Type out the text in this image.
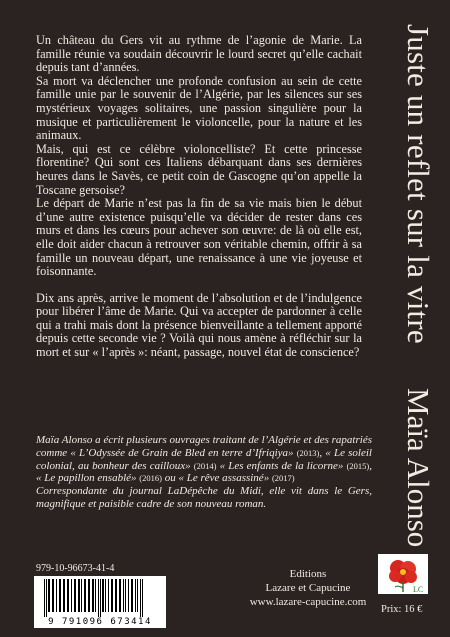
Un château du Gers vit au rythme de l’agonie de Marie. La famille réunie va soudain découvrir le lourd secret qu’elle cachait depuis tant d’années.

Sa mort va déclencher une profonde confusion au sein de cette famille unie par le souvenir de l’Algérie, par les silences sur ses mystérieux voyages solitaires, une passion singulière pour la musique et particulièrement le violoncelle, pour la nature et les animaux.

Mais, qui est ce célèbre violoncelliste? Et cette princesse florentine? Qui sont ces Italiens débarquant dans ses dernières heures dans le Savès, ce petit coin de Gascogne qu’on appelle la Toscane gersoise?

Le départ de Marie n’est pas la fin de sa vie mais bien le début d’une autre existence puisqu’elle va décider de rester dans ces murs et dans les cœurs pour achever son œuvre: de là où elle est, elle doit aider chacun à retrouver son véritable chemin, offrir à sa famille un nouveau départ, une renaissance à une vie joyeuse et foisonnante.

Dix ans après, arrive le moment de l’absolution et de l’indulgence pour libérer l’âme de Marie. Qui va accepter de pardonner à celle qui a trahi mais dont la présence bienveillante a tellement apporté depuis cette seconde vie ? Voilà qui nous amène à réfléchir sur la mort et sur « l’après »: néant, passage, nouvel état de conscience?

Juste un reflet sur la vitre
Maïa Alonso

Maïa Alonso a écrit plusieurs ouvrages traitant de l’Algérie et des rapatriés comme « L’Odyssée de Grain de Bled en terre d’Ifriqiya» (2013), « Le soleil colonial, au bonheur des cailloux» (2014) « Les enfants de la licorne» (2015), « Le papillon ensablé» (2016) ou « Le rêve assassiné» (2017)

Correspondante du journal LaDépêche du Midi, elle vit dans le Gers, magnifique et paisible cadre de son nouveau roman.

979-10-96673-41-4
9 791096 673414
Editions
Lazare et Capucine
www.lazare-capucine.com
LC
Prix: 16 €
